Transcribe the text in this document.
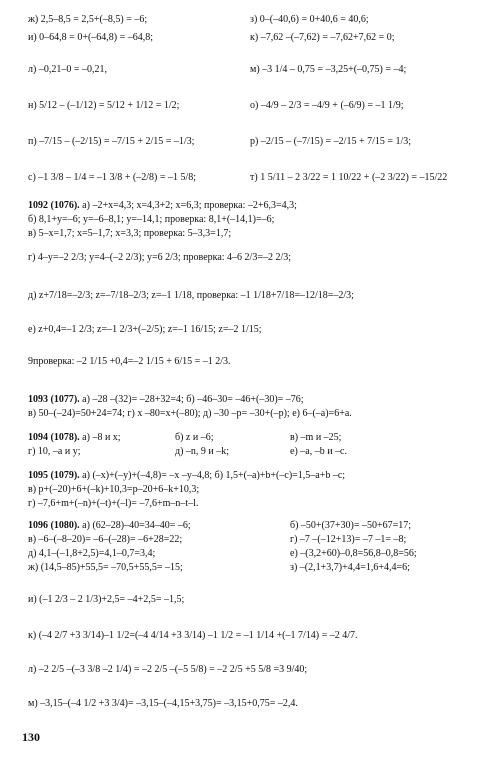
ж) 2,5–8,5 = 2,5+(–8,5) = –6;	з) 0–(–40,6) = 0+40,6 = 40,6;
и) 0–64,8 = 0+(–64,8) = –64,8;	к) –7,62 –(–7,62) = –7,62+7,62 = 0;
л) –0,21–0 = –0,21,	м) –3 1/4 – 0,75 = –3,25+(–0,75) = –4;
н) 5/12 – (–1/12) = 5/12 + 1/12 = 1/2;	о) –4/9 – 2/3 = –4/9 + (–6/9) = –1 1/9;
п) –7/15 – (–2/15) = –7/15 + 2/15 = –1/3;	р) –2/15 – (–7/15) = –2/15 + 7/15 = 1/3;
с) –1 3/8 – 1/4 = –1 3/8 + (–2/8) = –1 5/8;	т) 1 5/11 – 2 3/22 = 1 10/22 + (–2 3/22) = –15/22
1092 (1076). а) –2+x=4,3; x=4,3+2; x=6,3; проверка: –2+6,3=4,3;
б) 8,1+y=–6; y=–6–8,1; y=–14,1; проверка: 8,1+(–14,1)=–6;
в) 5–x=1,7; x=5–1,7; x=3,3; проверка: 5–3,3=1,7;
г) 4–y=–2 2/3; y=4–(–2 2/3); y=6 2/3; проверка: 4–6 2/3=–2 2/3;
д) z+7/18=–2/3; z=–7/18–2/3; z=–1 1/18, проверка: –1 1/18+7/18=–12/18=–2/3;
е) z+0,4=–1 2/3; z=–1 2/3+(–2/5); z=–1 16/15; z=–2 1/15;
9проверка: –2 1/15 +0,4=–2 1/15 + 6/15 = –1 2/3.
1093 (1077). а) –28 –(32)= –28+32=4; б) –46–30= –46+(–30)= –76;
в) 50–(–24)=50+24=74; г) x –80=x+(–80); д) –30 –p= –30+(–p); е) 6–(–a)=6+a.
1094 (1078). а) –8 и x;	б) z и –6;	в) –m и –25;
г) 10, –a и y;	д) –n, 9 и –k;	е) –a, –b и –c.
1095 (1079). а) (–x)+(–y)+(–4,8)= –x –y–4,8; б) 1,5+(–a)+b+(–c)=1,5–a+b –c;
в) p+(–20)+6+(–k)+10,3=p–20+6–k+10,3;
г) –7,6+m+(–n)+(–t)+(–l)= –7,6+m–n–t–l.
1096 (1080). а) (62–28)–40=34–40= –6;	б) –50+(37+30)= –50+67=17;
в) –6–(–8–20)= –6–(–28)= –6+28=22;	г) –7 –(–12+13)= –7 –1= –8;
д) 4,1–(–1,8+2,5)=4,1–0,7=3,4;	е) –(3,2+60)–0,8=56,8–0,8=56;
ж) (14,5–85)+55,5= –70,5+55,5= –15;	з) –(2,1+3,7)+4,4=1,6+4,4=6;
и) (–1 2/3 – 2 1/3)+2,5= –4+2,5= –1,5;
к) (–4 2/7 +3 3/14)–1 1/2=(–4 4/14 +3 3/14) –1 1/2 = –1 1/14 +(–1 7/14) = –2 4/7.
л) –2 2/5 –(–3 3/8 –2 1/4) = –2 2/5 –(–5 5/8) = –2 2/5 +5 5/8 =3 9/40;
м) –3,15–(–4 1/2 +3 3/4)= –3,15–(–4,15+3,75)= –3,15+0,75= –2,4.
130
